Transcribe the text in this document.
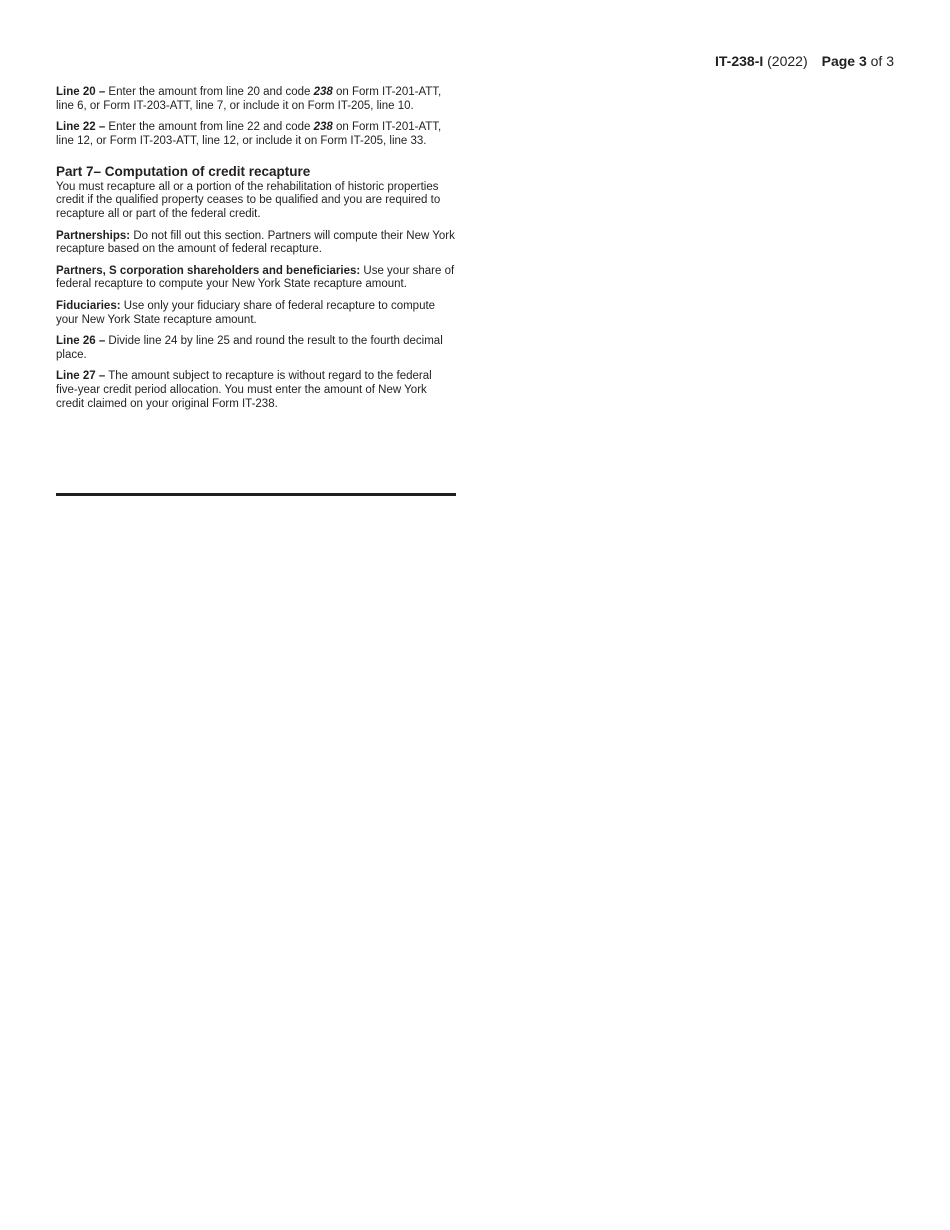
IT-238-I (2022) Page 3 of 3

Line 20 – Enter the amount from line 20 and code 238 on Form IT-201-ATT, line 6, or Form IT-203-ATT, line 7, or include it on Form IT-205, line 10.

Line 22 – Enter the amount from line 22 and code 238 on Form IT-201-ATT, line 12, or Form IT-203-ATT, line 12, or include it on Form IT-205, line 33.

Part 7– Computation of credit recapture

You must recapture all or a portion of the rehabilitation of historic properties credit if the qualified property ceases to be qualified and you are required to recapture all or part of the federal credit.

Partnerships: Do not fill out this section. Partners will compute their New York recapture based on the amount of federal recapture.

Partners, S corporation shareholders and beneficiaries: Use your share of federal recapture to compute your New York State recapture amount.

Fiduciaries: Use only your fiduciary share of federal recapture to compute your New York State recapture amount.

Line 26 – Divide line 24 by line 25 and round the result to the fourth decimal place.

Line 27 – The amount subject to recapture is without regard to the federal five-year credit period allocation. You must enter the amount of New York credit claimed on your original Form IT-238.
